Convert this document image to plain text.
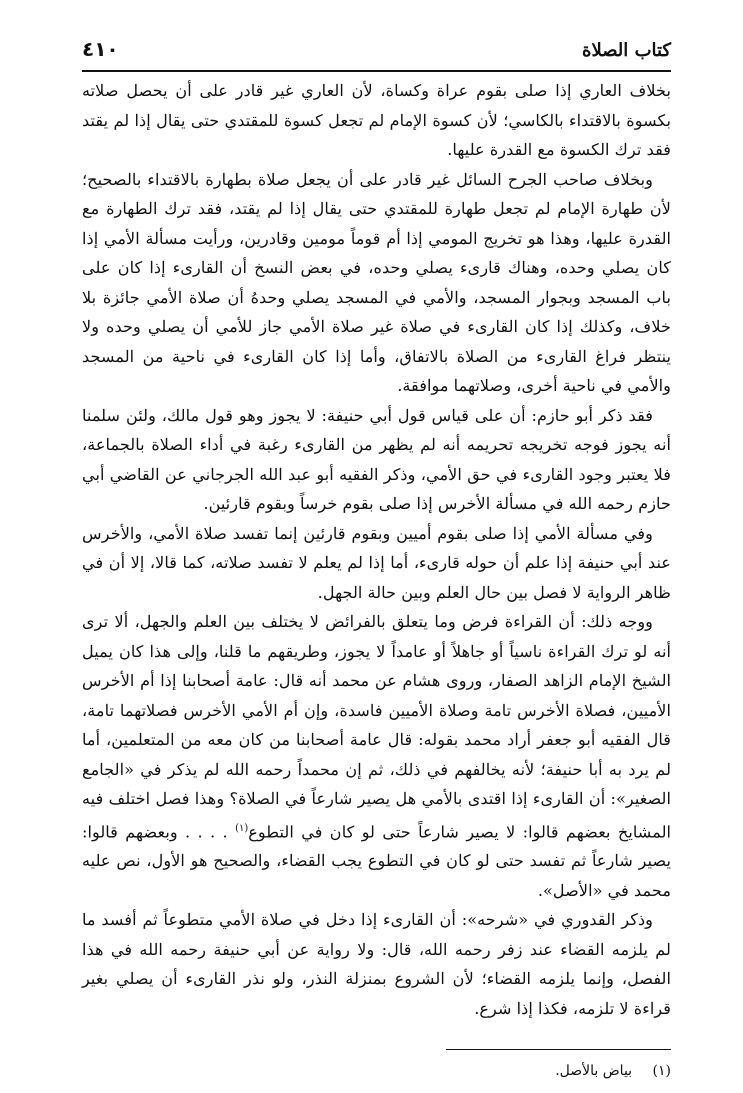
كتاب الصلاة
٤١٠

بخلاف العاري إذا صلى بقوم عراة وكساة، لأن العاري غير قادر على أن يحصل صلاته بكسوة بالاقتداء بالكاسي؛ لأن كسوة الإمام لم تجعل كسوة للمقتدي حتى يقال إذا لم يقتد فقد ترك الكسوة مع القدرة عليها.

وبخلاف صاحب الجرح السائل غير قادر على أن يجعل صلاة بطهارة بالاقتداء بالصحيح؛ لأن طهارة الإمام لم تجعل طهارة للمقتدي حتى يقال إذا لم يقتد، فقد ترك الطهارة مع القدرة عليها، وهذا هو تخريج المومي إذا أم قوماً مومين وقادرين، ورأيت مسألة الأمي إذا كان يصلي وحده، وهناك قارىء يصلي وحده، في بعض النسخ أن القارىء إذا كان على باب المسجد وبجوار المسجد، والأمي في المسجد يصلي وحدهُ أن صلاة الأمي جائزة بلا خلاف، وكذلك إذا كان القارىء في صلاة غير صلاة الأمي جاز للأمي أن يصلي وحده ولا ينتظر فراغ القارىء من الصلاة بالاتفاق، وأما إذا كان القارىء في ناحية من المسجد والأمي في ناحية أخرى، وصلاتهما موافقة.

فقد ذكر أبو حازم: أن على قياس قول أبي حنيفة: لا يجوز وهو قول مالك، ولئن سلمنا أنه يجوز فوجه تخريجه تحريمه أنه لم يظهر من القارىء رغبة في أداء الصلاة بالجماعة، فلا يعتبر وجود القارىء في حق الأمي، وذكر الفقيه أبو عبد الله الجرجاني عن القاضي أبي حازم رحمه الله في مسألة الأخرس إذا صلى بقوم خرساً وبقوم قارئين.

وفي مسألة الأمي إذا صلى بقوم أميين وبقوم قارئين إنما تفسد صلاة الأمي، والأخرس عند أبي حنيفة إذا علم أن حوله قارىء، أما إذا لم يعلم لا تفسد صلاته، كما قالا، إلا أن في ظاهر الرواية لا فصل بين حال العلم وبين حالة الجهل.

ووجه ذلك: أن القراءة فرض وما يتعلق بالفرائض لا يختلف بين العلم والجهل، ألا ترى أنه لو ترك القراءة ناسياً أو جاهلاً أو عامداً لا يجوز، وطريقهم ما قلنا، وإلى هذا كان يميل الشيخ الإمام الزاهد الصفار، وروى هشام عن محمد أنه قال: عامة أصحابنا إذا أم الأخرس الأميين، فصلاة الأخرس تامة وصلاة الأميين فاسدة، وإن أم الأمي الأخرس فصلاتهما تامة، قال الفقيه أبو جعفر أراد محمد بقوله: قال عامة أصحابنا من كان معه من المتعلمين، أما لم يرد به أبا حنيفة؛ لأنه يخالفهم في ذلك، ثم إن محمداً رحمه الله لم يذكر في «الجامع الصغير»: أن القارىء إذا اقتدى بالأمي هل يصير شارعاً في الصلاة؟ وهذا فصل اختلف فيه المشايخ بعضهم قالوا: لا يصير شارعاً حتى لو كان في التطوع$^{(١)}$ . . . . وبعضهم قالوا: يصير شارعاً ثم تفسد حتى لو كان في التطوع يجب القضاء، والصحيح هو الأول، نص عليه محمد في «الأصل».

وذكر القدوري في «شرحه»: أن القارىء إذا دخل في صلاة الأمي متطوعاً ثم أفسد ما لم يلزمه القضاء عند زفر رحمه الله، قال: ولا رواية عن أبي حنيفة رحمه الله في هذا الفصل، وإنما يلزمه القضاء؛ لأن الشروع بمنزلة النذر، ولو نذر القارىء أن يصلي بغير قراءة لا تلزمه، فكذا إذا شرع.

(١) بياض بالأصل.
